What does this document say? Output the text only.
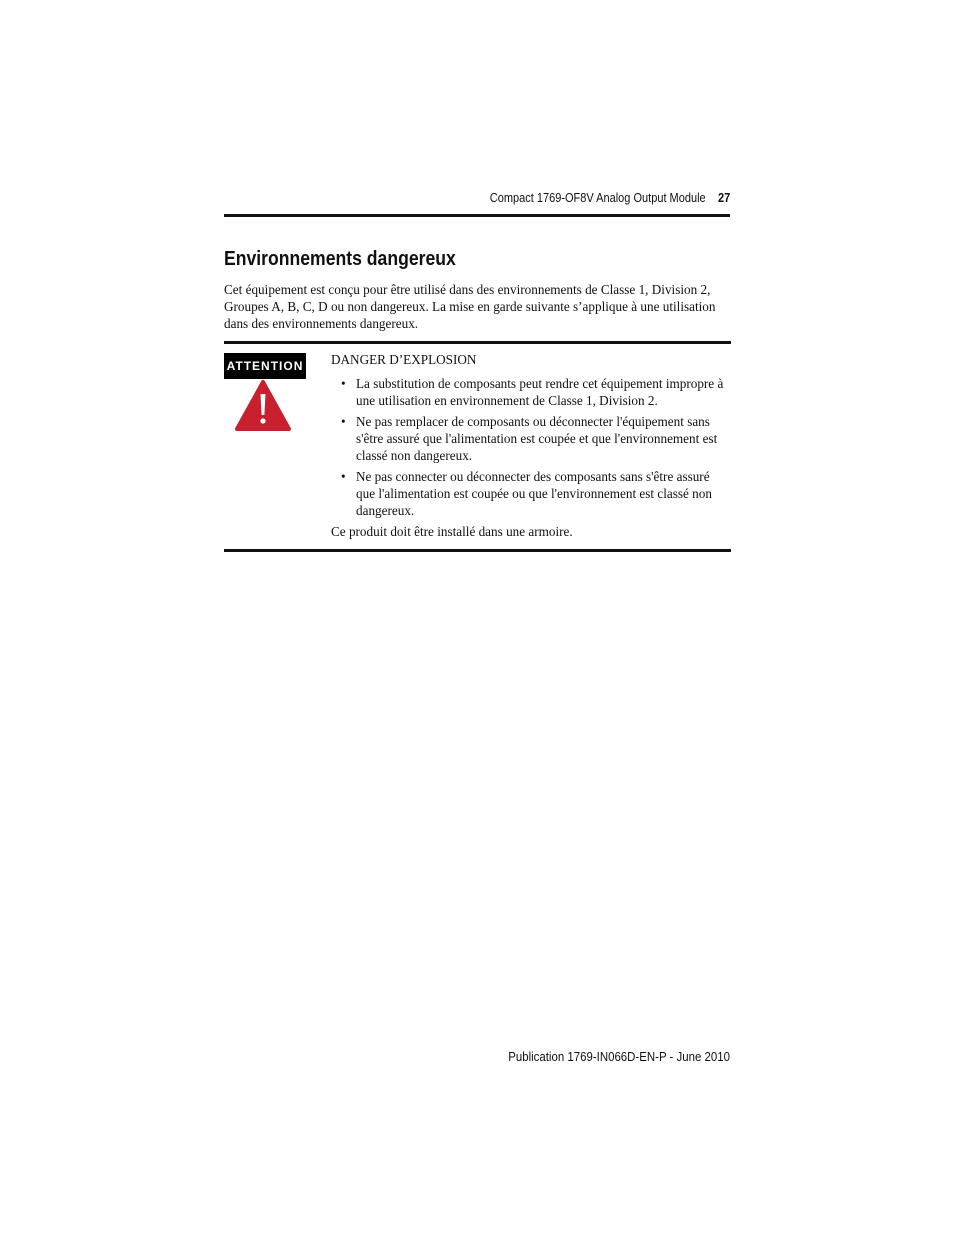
Compact 1769-OF8V Analog Output Module 27
Environnements dangereux

Cet équipement est conçu pour être utilisé dans des environnements de Classe 1, Division 2, Groupes A, B, C, D ou non dangereux. La mise en garde suivante s’applique à une utilisation dans des environnements dangereux.

ATTENTION DANGER D’EXPLOSION

• La substitution de composants peut rendre cet équipement impropre à une utilisation en environnement de Classe 1, Division 2.
• Ne pas remplacer de composants ou déconnecter l'équipement sans s'être assuré que l'alimentation est coupée et que l'environnement est classé non dangereux.
• Ne pas connecter ou déconnecter des composants sans s'être assuré que l'alimentation est coupée ou que l'environnement est classé non dangereux.

Ce produit doit être installé dans une armoire.

Publication 1769-IN066D-EN-P - June 2010
